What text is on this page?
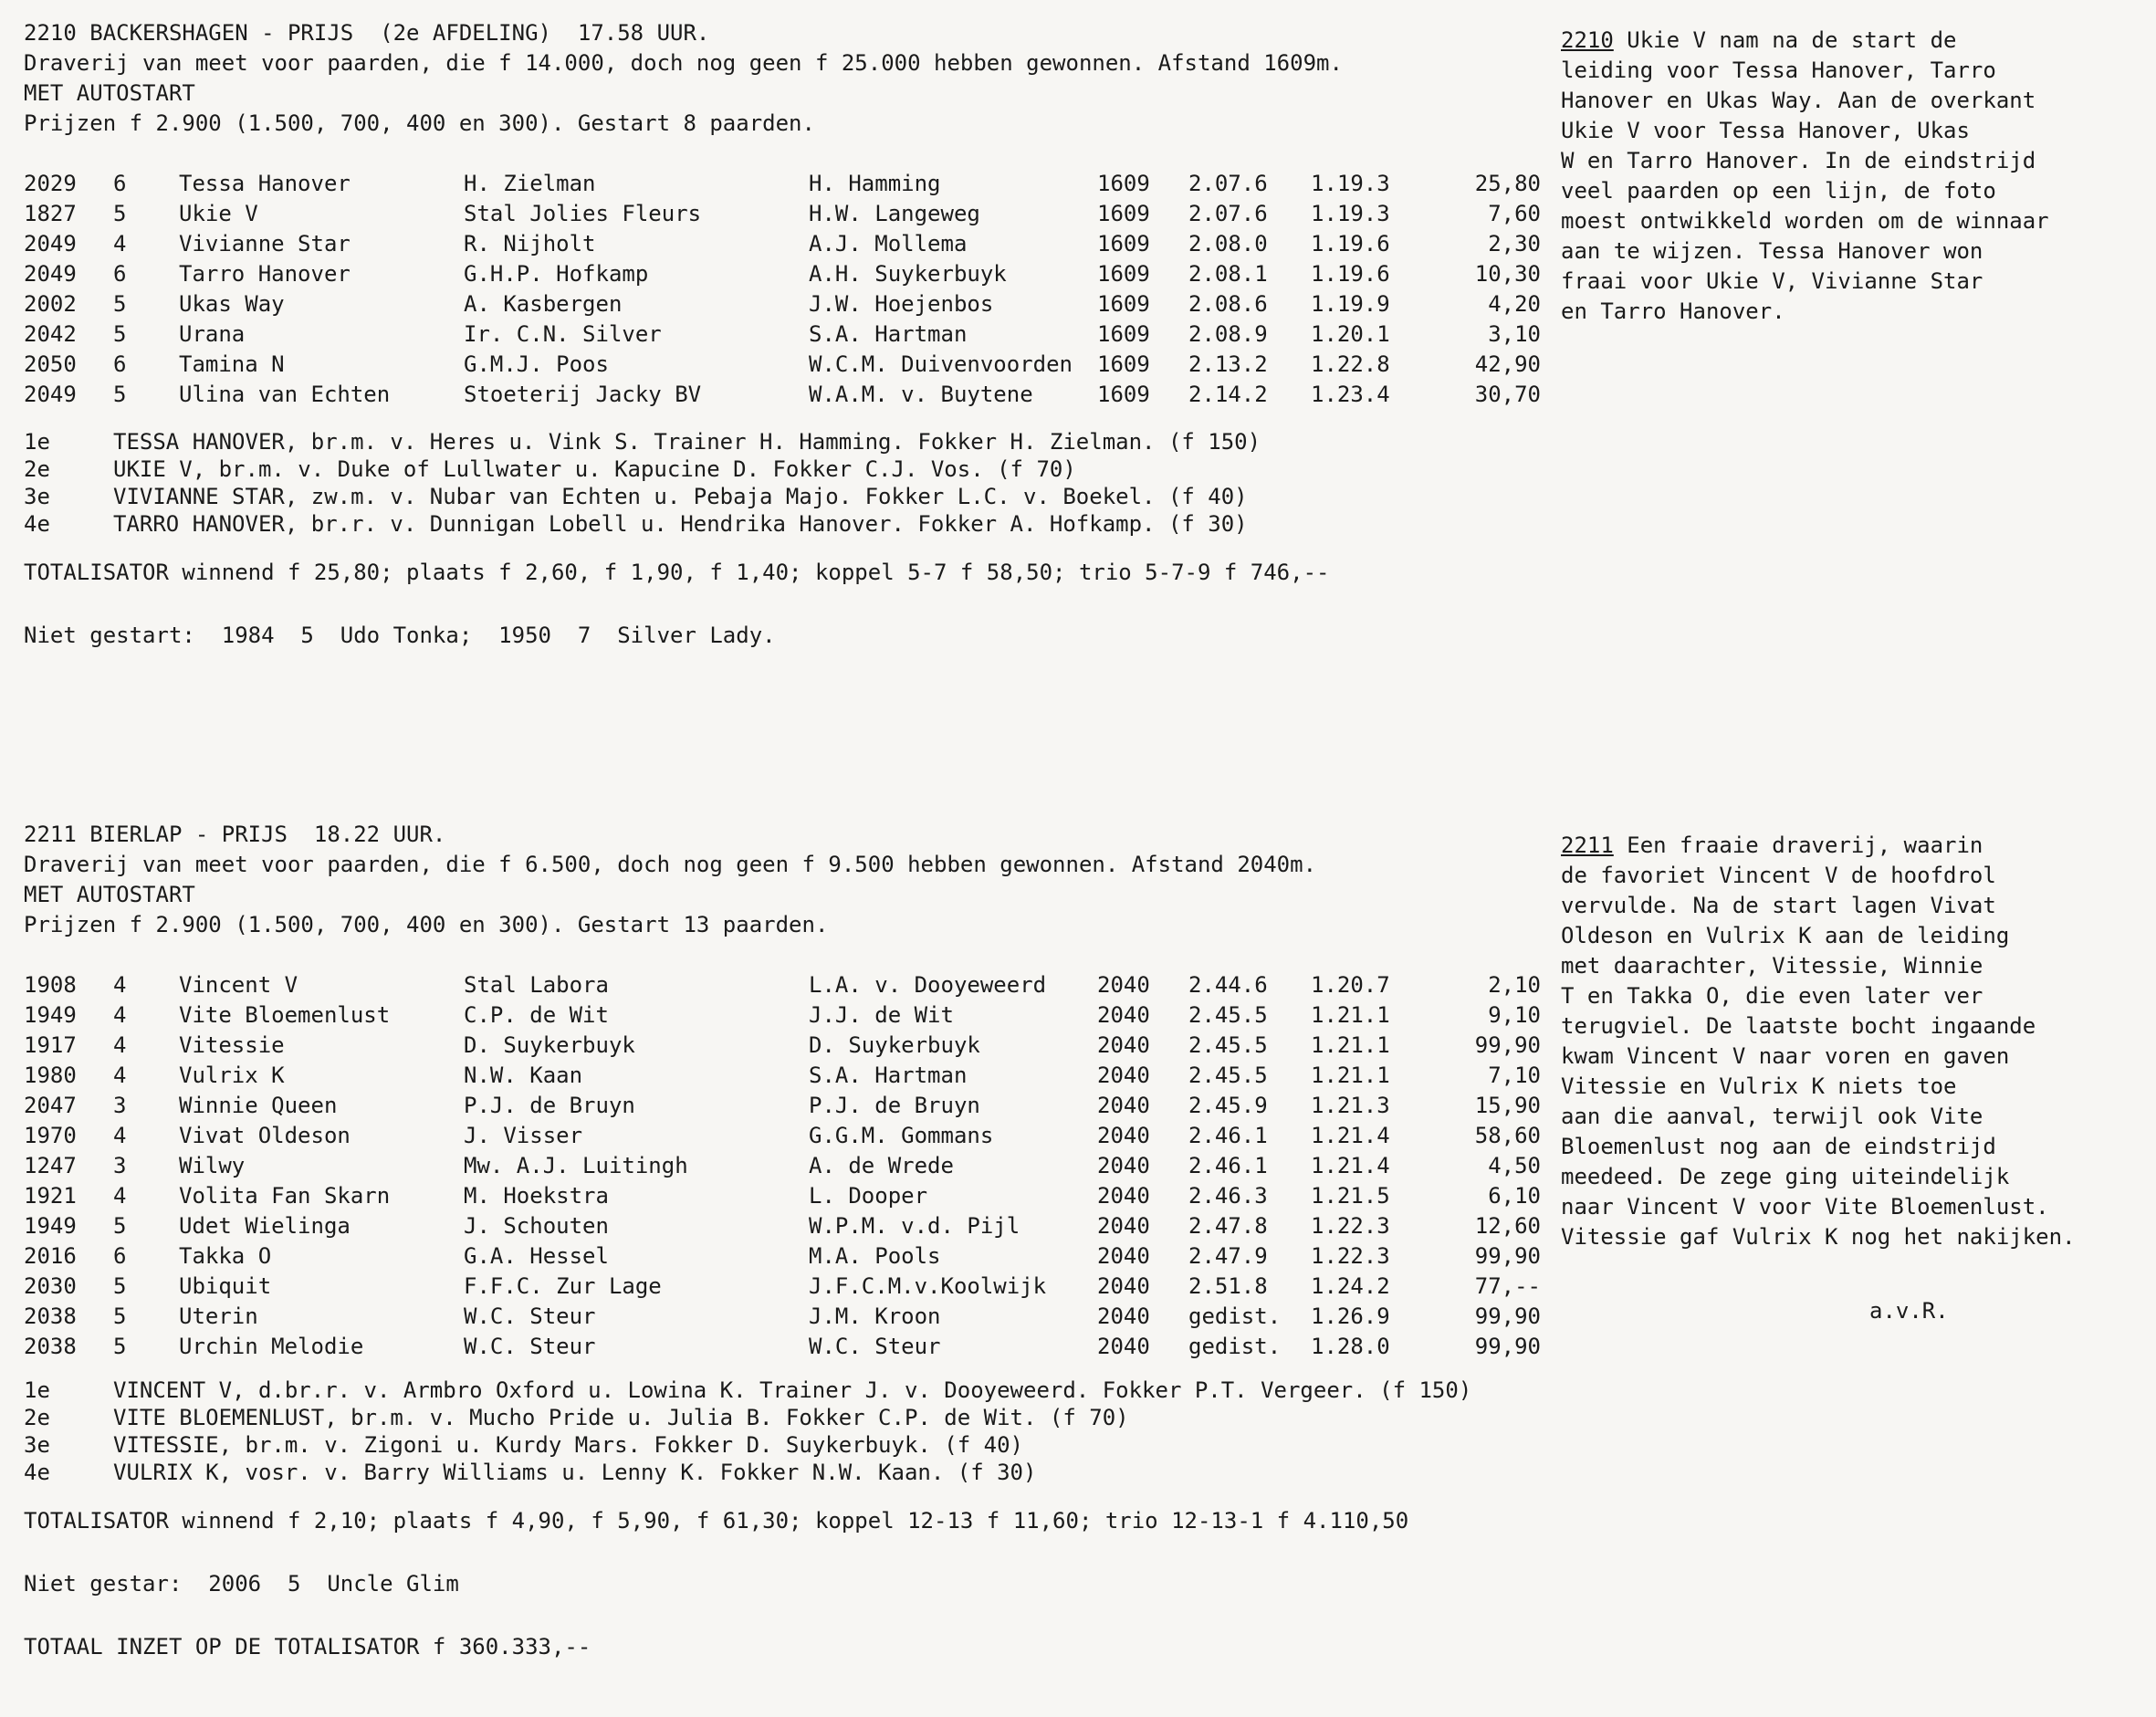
2210 BACKERSHAGEN - PRIJS  (2e AFDELING)  17.58 UUR.
Draverij van meet voor paarden, die f 14.000, doch nog geen f 25.000 hebben gewonnen. Afstand 1609m.
MET AUTOSTART
Prijzen f 2.900 (1.500, 700, 400 en 300). Gestart 8 paarden.
2029	6	Tessa Hanover	H. Zielman	H. Hamming	1609	2.07.6	1.19.3	25,80
1827	5	Ukie V	Stal Jolies Fleurs	H.W. Langeweg	1609	2.07.6	1.19.3	7,60
2049	4	Vivianne Star	R. Nijholt	A.J. Mollema	1609	2.08.0	1.19.6	2,30
2049	6	Tarro Hanover	G.H.P. Hofkamp	A.H. Suykerbuyk	1609	2.08.1	1.19.6	10,30
2002	5	Ukas Way	A. Kasbergen	J.W. Hoejenbos	1609	2.08.6	1.19.9	4,20
2042	5	Urana	Ir. C.N. Silver	S.A. Hartman	1609	2.08.9	1.20.1	3,10
2050	6	Tamina N	G.M.J. Poos	W.C.M. Duivenvoorden	1609	2.13.2	1.22.8	42,90
2049	5	Ulina van Echten	Stoeterij Jacky BV	W.A.M. v. Buytene	1609	2.14.2	1.23.4	30,70
1e	TESSA HANOVER, br.m. v. Heres u. Vink S. Trainer H. Hamming. Fokker H. Zielman. (f 150)
2e	UKIE V, br.m. v. Duke of Lullwater u. Kapucine D. Fokker C.J. Vos. (f 70)
3e	VIVIANNE STAR, zw.m. v. Nubar van Echten u. Pebaja Majo. Fokker L.C. v. Boekel. (f 40)
4e	TARRO HANOVER, br.r. v. Dunnigan Lobell u. Hendrika Hanover. Fokker A. Hofkamp. (f 30)
TOTALISATOR winnend f 25,80; plaats f 2,60, f 1,90, f 1,40; koppel 5-7 f 58,50; trio 5-7-9 f 746,--
Niet gestart:  1984  5  Udo Tonka;  1950  7  Silver Lady.
2210 Ukie V nam na de start de
leiding voor Tessa Hanover, Tarro
Hanover en Ukas Way. Aan de overkant
Ukie V voor Tessa Hanover, Ukas
W en Tarro Hanover. In de eindstrijd
veel paarden op een lijn, de foto
moest ontwikkeld worden om de winnaar
aan te wijzen. Tessa Hanover won
fraai voor Ukie V, Vivianne Star
en Tarro Hanover.
2211 BIERLAP - PRIJS  18.22 UUR.
Draverij van meet voor paarden, die f 6.500, doch nog geen f 9.500 hebben gewonnen. Afstand 2040m.
MET AUTOSTART
Prijzen f 2.900 (1.500, 700, 400 en 300). Gestart 13 paarden.
1908	4	Vincent V	Stal Labora	L.A. v. Dooyeweerd	2040	2.44.6	1.20.7	2,10
1949	4	Vite Bloemenlust	C.P. de Wit	J.J. de Wit	2040	2.45.5	1.21.1	9,10
1917	4	Vitessie	D. Suykerbuyk	D. Suykerbuyk	2040	2.45.5	1.21.1	99,90
1980	4	Vulrix K	N.W. Kaan	S.A. Hartman	2040	2.45.5	1.21.1	7,10
2047	3	Winnie Queen	P.J. de Bruyn	P.J. de Bruyn	2040	2.45.9	1.21.3	15,90
1970	4	Vivat Oldeson	J. Visser	G.G.M. Gommans	2040	2.46.1	1.21.4	58,60
1247	3	Wilwy	Mw. A.J. Luitingh	A. de Wrede	2040	2.46.1	1.21.4	4,50
1921	4	Volita Fan Skarn	M. Hoekstra	L. Dooper	2040	2.46.3	1.21.5	6,10
1949	5	Udet Wielinga	J. Schouten	W.P.M. v.d. Pijl	2040	2.47.8	1.22.3	12,60
2016	6	Takka O	G.A. Hessel	M.A. Pools	2040	2.47.9	1.22.3	99,90
2030	5	Ubiquit	F.F.C. Zur Lage	J.F.C.M.v.Koolwijk	2040	2.51.8	1.24.2	77,--
2038	5	Uterin	W.C. Steur	J.M. Kroon	2040	gedist.	1.26.9	99,90
2038	5	Urchin Melodie	W.C. Steur	W.C. Steur	2040	gedist.	1.28.0	99,90
1e	VINCENT V, d.br.r. v. Armbro Oxford u. Lowina K. Trainer J. v. Dooyeweerd. Fokker P.T. Vergeer. (f 150)
2e	VITE BLOEMENLUST, br.m. v. Mucho Pride u. Julia B. Fokker C.P. de Wit. (f 70)
3e	VITESSIE, br.m. v. Zigoni u. Kurdy Mars. Fokker D. Suykerbuyk. (f 40)
4e	VULRIX K, vosr. v. Barry Williams u. Lenny K. Fokker N.W. Kaan. (f 30)
TOTALISATOR winnend f 2,10; plaats f 4,90, f 5,90, f 61,30; koppel 12-13 f 11,60; trio 12-13-1 f 4.110,50
Niet gestar:  2006  5  Uncle Glim
TOTAAL INZET OP DE TOTALISATOR f 360.333,--
2211 Een fraaie draverij, waarin
de favoriet Vincent V de hoofdrol
vervulde. Na de start lagen Vivat
Oldeson en Vulrix K aan de leiding
met daarachter, Vitessie, Winnie
T en Takka O, die even later ver
terugviel. De laatste bocht ingaande
kwam Vincent V naar voren en gaven
Vitessie en Vulrix K niets toe
aan die aanval, terwijl ook Vite
Bloemenlust nog aan de eindstrijd
meedeed. De zege ging uiteindelijk
naar Vincent V voor Vite Bloemenlust.
Vitessie gaf Vulrix K nog het nakijken.
a.v.R.
